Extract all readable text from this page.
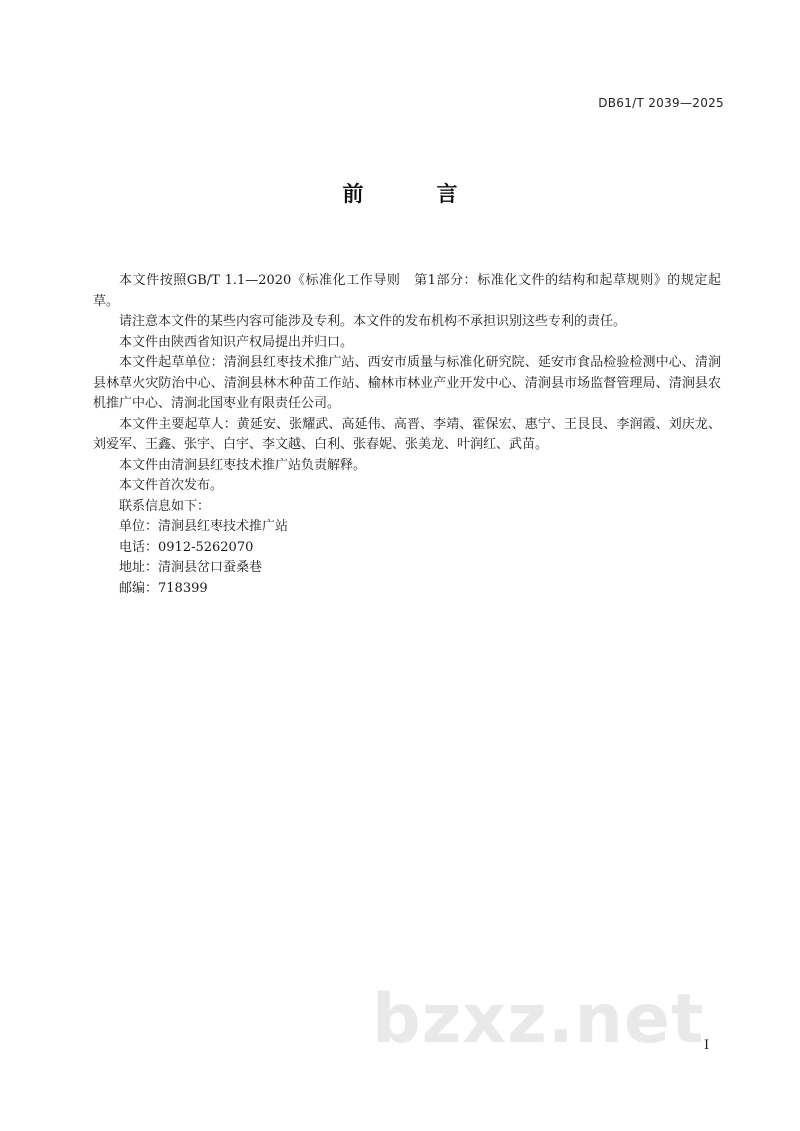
DB61/T 2039—2025
前　言

本文件按照GB/T 1.1—2020《标准化工作导则　第1部分：标准化文件的结构和起草规则》的规定起草。

请注意本文件的某些内容可能涉及专利。本文件的发布机构不承担识别这些专利的责任。

本文件由陕西省知识产权局提出并归口。

本文件起草单位：清涧县红枣技术推广站、西安市质量与标准化研究院、延安市食品检验检测中心、清涧县林草火灾防治中心、清涧县林木种苗工作站、榆林市林业产业开发中心、清涧县市场监督管理局、清涧县农机推广中心、清涧北国枣业有限责任公司。

本文件主要起草人：黄延安、张耀武、高延伟、高晋、李靖、霍保宏、惠宁、王艮艮、李润霞、刘庆龙、刘爱军、王鑫、张宇、白宇、李文越、白利、张春妮、张美龙、叶润红、武苗。

本文件由清涧县红枣技术推广站负责解释。

本文件首次发布。

联系信息如下：

单位：清涧县红枣技术推广站

电话：0912-5262070

地址：清涧县岔口蚕桑巷

邮编：718399

bzxz.net I
